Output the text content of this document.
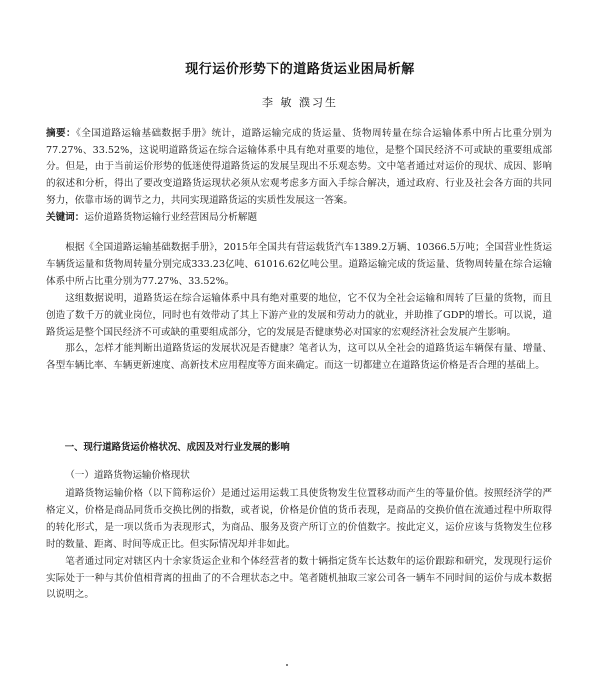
现行运价形势下的道路货运业困局析解
李 敏 濮习生
摘要：《全国道路运输基础数据手册》统计，道路运输完成的货运量、货物周转量在综合运输体系中所占比重分别为77.27%、33.52%，这说明道路货运在综合运输体系中具有绝对重要的地位，是整个国民经济不可或缺的重要组成部分。但是，由于当前运价形势的低迷使得道路货运的发展呈现出不乐观态势。文中笔者通过对运价的现状、成因、影响的叙述和分析，得出了要改变道路货运现状必须从宏观考虑多方面入手综合解决，通过政府、行业及社会各方面的共同努力，依靠市场的调节之力，共同实现道路货运的实质性发展这一答案。
关键词：运价道路货物运输行业经营困局分析解题

根据《全国道路运输基础数据手册》，2015年全国共有营运载货汽车1389.2万辆、10366.5万吨；全国营业性货运车辆货运量和货物周转量分别完成333.23亿吨、61016.62亿吨公里。道路运输完成的货运量、货物周转量在综合运输体系中所占比重分别为77.27%、33.52%。

这组数据说明，道路货运在综合运输体系中具有绝对重要的地位，它不仅为全社会运输和周转了巨量的货物，而且创造了数千万的就业岗位，同时也有效带动了其上下游产业的发展和劳动力的就业，并助推了GDP的增长。可以说，道路货运是整个国民经济不可或缺的重要组成部分，它的发展是否健康势必对国家的宏观经济社会发展产生影响。

那么，怎样才能判断出道路货运的发展状况是否健康？笔者认为，这可以从全社会的道路货运车辆保有量、增量、各型车辆比率、车辆更新速度、高新技术应用程度等方面来确定。而这一切都建立在道路货运价格是否合理的基础上。

一、现行道路货运价格状况、成因及对行业发展的影响
（一）道路货物运输价格现状

道路货物运输价格（以下简称运价）是通过运用运载工具使货物发生位置移动而产生的等量价值。按照经济学的严格定义，价格是商品同货币交换比例的指数，或者说，价格是价值的货币表现，是商品的交换价值在流通过程中所取得的转化形式，是一项以货币为表现形式，为商品、服务及资产所订立的价值数字。按此定义，运价应该与货物发生位移时的数量、距离、时间等成正比。但实际情况却并非如此。

笔者通过同定对辖区内十余家货运企业和个体经营者的数十辆指定货车长达数年的运价跟踪和研究，发现现行运价实际处于一种与其价值相背离的扭曲了的不合理状态之中。笔者随机抽取三家公司各一辆车不同时间的运价与成本数据以说明之。
